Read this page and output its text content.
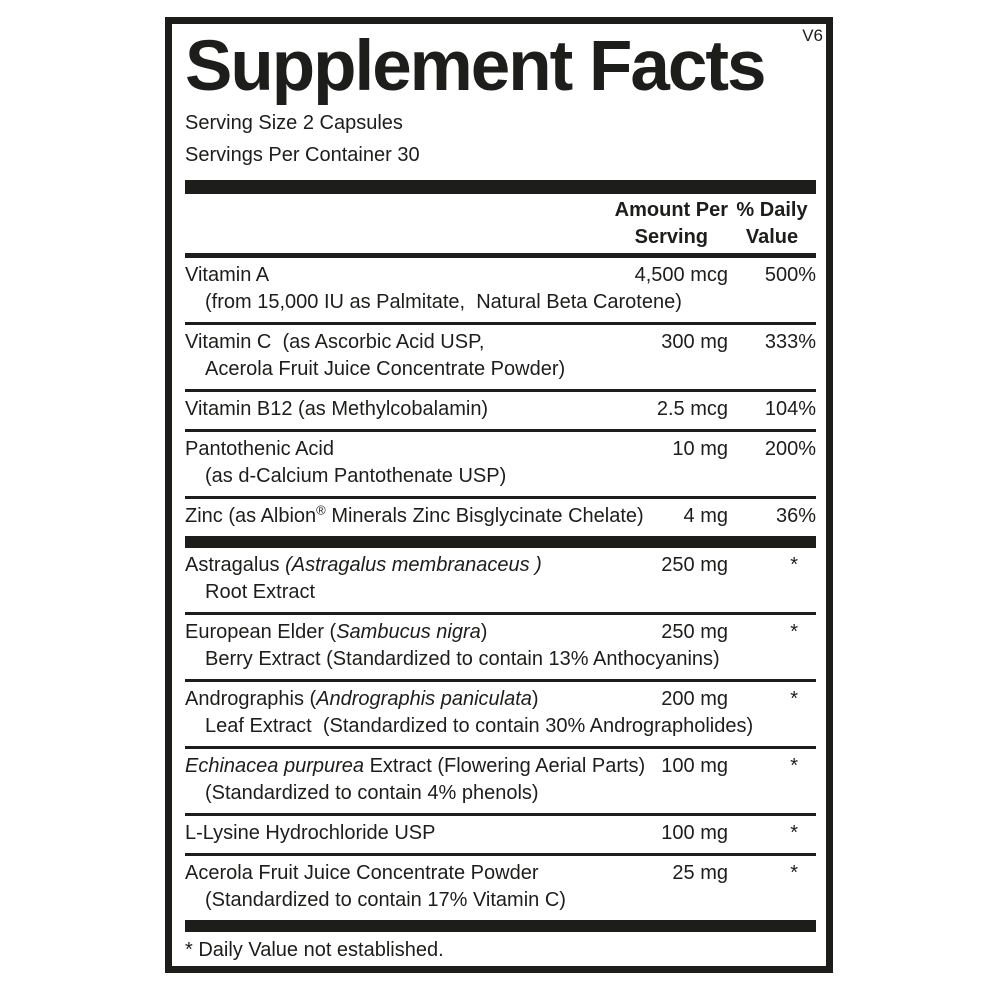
V6
Supplement Facts
Serving Size 2 Capsules
Servings Per Container 30
Amount Per
Serving
% Daily
Value
Vitamin A	4,500 mcg	500%
(from 15,000 IU as Palmitate,  Natural Beta Carotene)
Vitamin C  (as Ascorbic Acid USP,	300 mg	333%
Acerola Fruit Juice Concentrate Powder)
Vitamin B12 (as Methylcobalamin)	2.5 mcg	104%
Pantothenic Acid	10 mg	200%
(as d-Calcium Pantothenate USP)
Zinc (as Albion® Minerals Zinc Bisglycinate Chelate)	4 mg	36%
Astragalus (Astragalus membranaceus )	250 mg	*
Root Extract
European Elder (Sambucus nigra)	250 mg	*
Berry Extract (Standardized to contain 13% Anthocyanins)
Andrographis (Andrographis paniculata)	200 mg	*
Leaf Extract  (Standardized to contain 30% Andrographolides)
Echinacea purpurea Extract (Flowering Aerial Parts) 100 mg	*
(Standardized to contain 4% phenols)
L-Lysine Hydrochloride USP	100 mg	*
Acerola Fruit Juice Concentrate Powder	25 mg	*
(Standardized to contain 17% Vitamin C)
* Daily Value not established.
